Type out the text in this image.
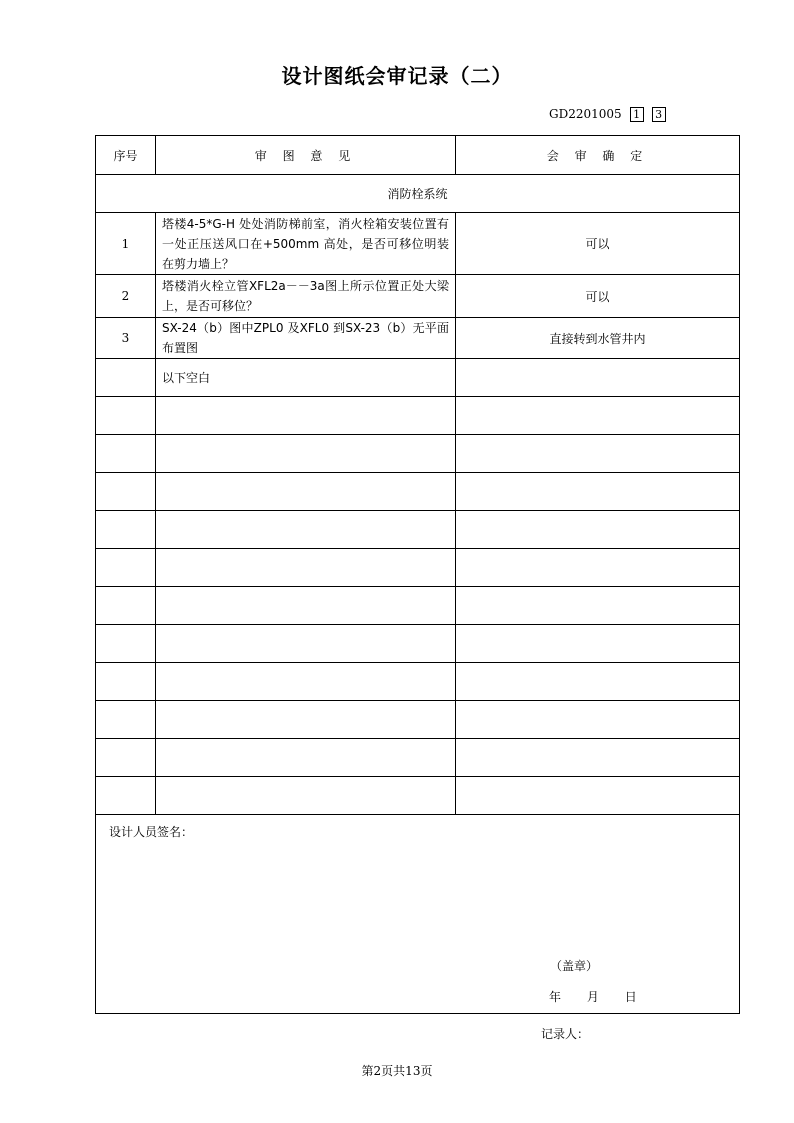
设计图纸会审记录（二）
GD2201005	1	3
序号	审 图 意 见	会 审 确 定
消防栓系统		
1	塔楼4-5*G-H 处处消防梯前室，消火栓箱安装位置有一处正压送风口在+500mm 高处，是否可移位明装在剪力墙上？	可以
2	塔楼消火栓立管XFL2a－－3a图上所示位置正处大梁上，是否可移位？	可以
3	SX-24（b）图中ZPL0 及XFL0 到SX-23（b）无平面布置图	直接转到水管井内
	以下空白	

设计人员签名：
（盖章）
年 月 日		
记录人：
第2页共13页
